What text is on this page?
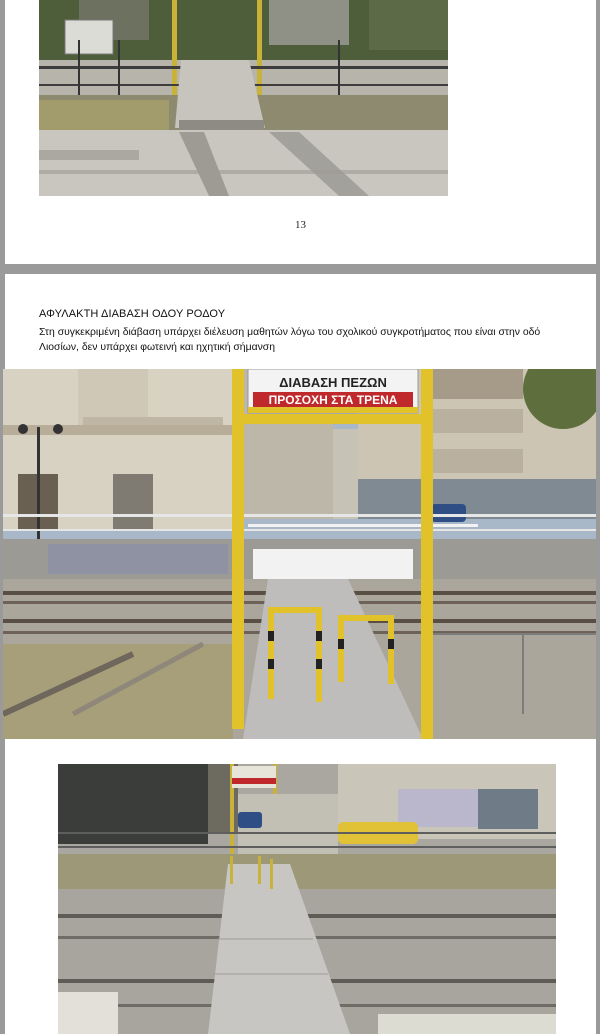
13
ΑΦΥΛΑΚΤΗ ΔΙΑΒΑΣΗ ΟΔΟΥ ΡΟΔΟΥ
Στη συγκεκριμένη διάβαση υπάρχει διέλευση μαθητών λόγω του σχολικού συγκροτήματος που είναι στην οδό Λιοσίων, δεν υπάρχει φωτεινή και ηχητική σήμανση
ΔΙΑΒΑΣΗ ΠΕΖΩΝ
ΠΡΟΣΟΧΗ ΣΤΑ ΤΡΕΝΑ
